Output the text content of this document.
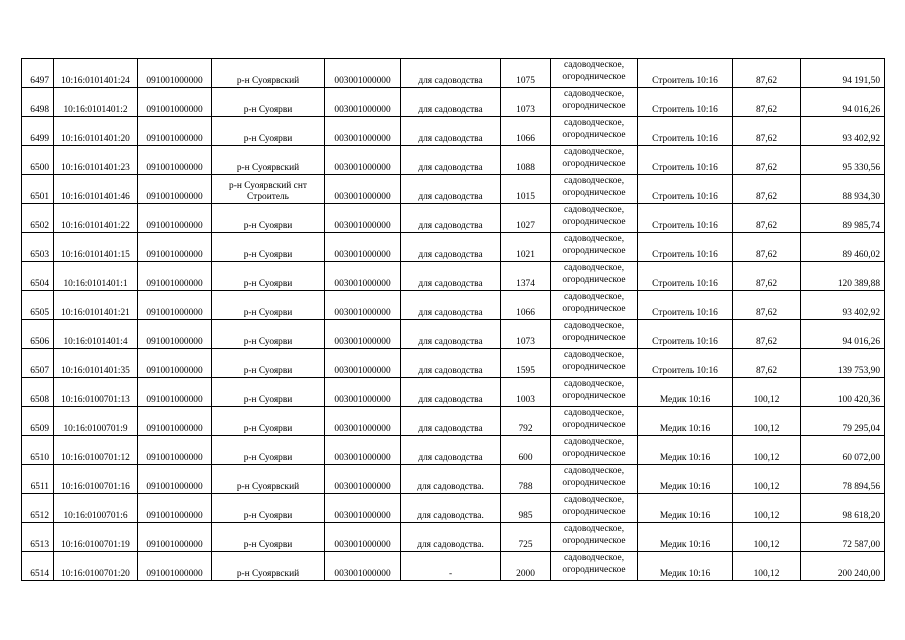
6497	10:16:0101401:24	091001000000	р-н Суоярвский	003001000000	для садоводства	1075	садоводческое,
огородническое	Строитель 10:16	87,62	94 191,50
6498	10:16:0101401:2	091001000000	р-н Суоярви	003001000000	для садоводства	1073	садоводческое,
огородническое	Строитель 10:16	87,62	94 016,26
6499	10:16:0101401:20	091001000000	р-н Суоярви	003001000000	для садоводства	1066	садоводческое,
огородническое	Строитель 10:16	87,62	93 402,92
6500	10:16:0101401:23	091001000000	р-н Суоярвский	003001000000	для садоводства	1088	садоводческое,
огородническое	Строитель 10:16	87,62	95 330,56
6501	10:16:0101401:46	091001000000	р-н Суоярвский снт Строитель	003001000000	для садоводства	1015	садоводческое,
огородническое	Строитель 10:16	87,62	88 934,30
6502	10:16:0101401:22	091001000000	р-н Суоярви	003001000000	для садоводства	1027	садоводческое,
огородническое	Строитель 10:16	87,62	89 985,74
6503	10:16:0101401:15	091001000000	р-н Суоярви	003001000000	для садоводства	1021	садоводческое,
огородническое	Строитель 10:16	87,62	89 460,02
6504	10:16:0101401:1	091001000000	р-н Суоярви	003001000000	для садоводства	1374	садоводческое,
огородническое	Строитель 10:16	87,62	120 389,88
6505	10:16:0101401:21	091001000000	р-н Суоярви	003001000000	для садоводства	1066	садоводческое,
огородническое	Строитель 10:16	87,62	93 402,92
6506	10:16:0101401:4	091001000000	р-н Суоярви	003001000000	для садоводства	1073	садоводческое,
огородническое	Строитель 10:16	87,62	94 016,26
6507	10:16:0101401:35	091001000000	р-н Суоярви	003001000000	для садоводства	1595	садоводческое,
огородническое	Строитель 10:16	87,62	139 753,90
6508	10:16:0100701:13	091001000000	р-н Суоярви	003001000000	для садоводства	1003	садоводческое,
огородническое	Медик 10:16	100,12	100 420,36
6509	10:16:0100701:9	091001000000	р-н Суоярви	003001000000	для садоводства	792	садоводческое,
огородническое	Медик 10:16	100,12	79 295,04
6510	10:16:0100701:12	091001000000	р-н Суоярви	003001000000	для садоводства	600	садоводческое,
огородническое	Медик 10:16	100,12	60 072,00
6511	10:16:0100701:16	091001000000	р-н Суоярвский	003001000000	для садоводства.	788	садоводческое,
огородническое	Медик 10:16	100,12	78 894,56
6512	10:16:0100701:6	091001000000	р-н Суоярви	003001000000	для садоводства.	985	садоводческое,
огородническое	Медик 10:16	100,12	98 618,20
6513	10:16:0100701:19	091001000000	р-н Суоярви	003001000000	для садоводства.	725	садоводческое,
огородническое	Медик 10:16	100,12	72 587,00
6514	10:16:0100701:20	091001000000	р-н Суоярвский	003001000000	-	2000	садоводческое,
огородническое	Медик 10:16	100,12	200 240,00
